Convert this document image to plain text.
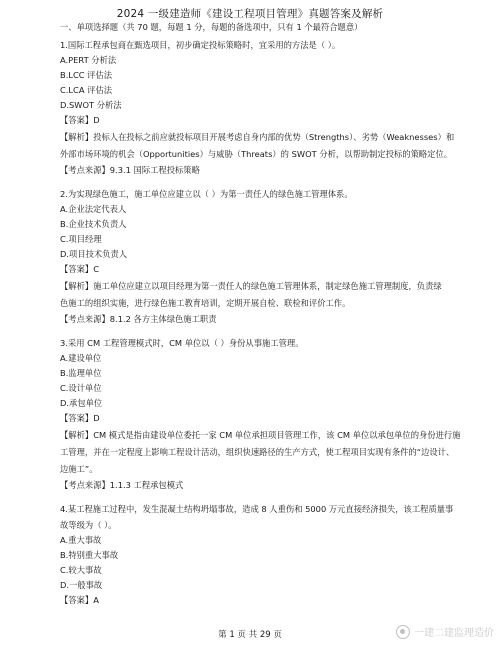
2024 一级建造师《建设工程项目管理》真题答案及解析
一、单项选择题（共 70 题，每题 1 分，每题的备选项中，只有 1 个最符合题意）
1.国际工程承包商在甄选项目，初步确定投标策略时，宜采用的方法是（ ）。
A.PERT 分析法
B.LCC 评估法
C.LCA 评估法
D.SWOT 分析法
【答案】D
【解析】投标人在投标之前应就投标项目开展考虑自身内部的优势（Strengths）、劣势（Weaknesses）和
外部市场环境的机会（Opportunities）与威胁（Threats）的 SWOT 分析，以帮助制定投标的策略定位。
【考点来源】9.3.1 国际工程投标策略
2.为实现绿色施工，施工单位应建立以（ ）为第一责任人的绿色施工管理体系。
A.企业法定代表人
B.企业技术负责人
C.项目经理
D.项目技术负责人
【答案】C
【解析】施工单位应建立以项目经理为第一责任人的绿色施工管理体系，制定绿色施工管理制度，负责绿
色施工的组织实施，进行绿色施工教育培训，定期开展自检、联检和评价工作。
【考点来源】8.1.2 各方主体绿色施工职责
3.采用 CM 工程管理模式时，CM 单位以（ ）身份从事施工管理。
A.建设单位
B.监理单位
C.设计单位
D.承包单位
【答案】D
【解析】CM 模式是指由建设单位委托一家 CM 单位承担项目管理工作，该 CM 单位以承包单位的身份进行施
工管理，并在一定程度上影响工程设计活动，组织快速路径的生产方式，使工程项目实现有条件的“边设计、
边施工”。
【考点来源】1.1.3 工程承包模式
4.某工程施工过程中，发生混凝土结构坍塌事故，造成 8 人重伤和 5000 万元直接经济损失，该工程质量事
故等级为（ ）。
A.重大事故
B.特别重大事故
C.较大事故
D.一般事故
【答案】A
第 1 页 共 29 页	一建二建监理造价
